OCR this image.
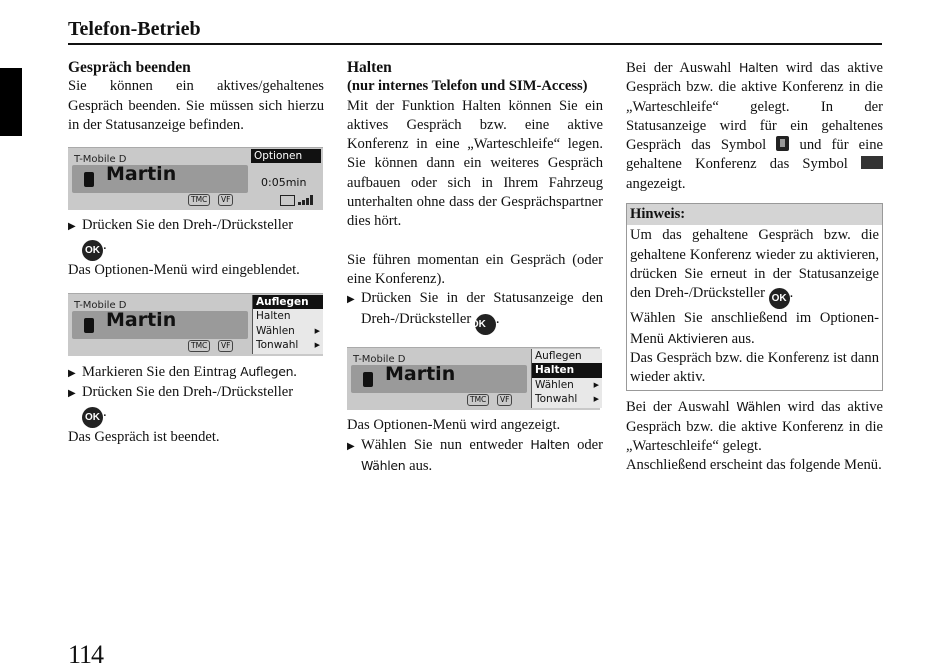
Telefon-Betrieb

Gespräch beenden

Sie können ein aktives/gehaltenes Gespräch beenden. Sie müssen sich hierzu in der Statusanzeige befinden.

T-Mobile D	Optionen
Martin	0:05min
TMC	VF

▶ Drücken Sie den Dreh-/Drücksteller

OK .

Das Optionen-Menü wird eingeblendet.

T-Mobile D
Martin
TMC	VF
Auflegen
Halten
Wählen	▶
Tonwahl ▶

▶ Markieren Sie den Eintrag Auflegen.

▶ Drücken Sie den Dreh-/Drücksteller

OK .

Das Gespräch ist beendet.

Halten

(nur internes Telefon und SIM-Access)

Mit der Funktion Halten können Sie ein aktives Gespräch bzw. eine aktive Konferenz in eine „Warteschleife“ legen. Sie können dann ein weiteres Gespräch aufbauen oder sich in Ihrem Fahrzeug unterhalten ohne dass der Gesprächspartner dies hört.

Sie führen momentan ein Gespräch (oder eine Konferenz).

▶ Drücken Sie in der Statusanzeige den Dreh-/Drücksteller OK .

T-Mobile D
Martin
TMC	VF
Auflegen
Halten
Wählen	▶
Tonwahl ▶

Das Optionen-Menü wird angezeigt.

▶ Wählen Sie nun entweder Halten oder Wählen aus.

Bei der Auswahl Halten wird das aktive Gespräch bzw. die aktive Konferenz in die „Warteschleife“ gelegt. In der Statusanzeige wird für ein gehaltenes Gespräch das Symbol und für eine gehaltene Konferenz das Symbol  angezeigt.

Hinweis:

Um das gehaltene Gespräch bzw. die gehaltene Konferenz wieder zu aktivieren, drücken Sie erneut in der Statusanzeige den Dreh-/Drücksteller OK .

Wählen Sie anschließend im Optionen-Menü Aktivieren aus.

Das Gespräch bzw. die Konferenz ist dann wieder aktiv.

Bei der Auswahl Wählen wird das aktive Gespräch bzw. die aktive Konferenz in die „Warteschleife“ gelegt.

Anschließend erscheint das folgende Menü.

114
